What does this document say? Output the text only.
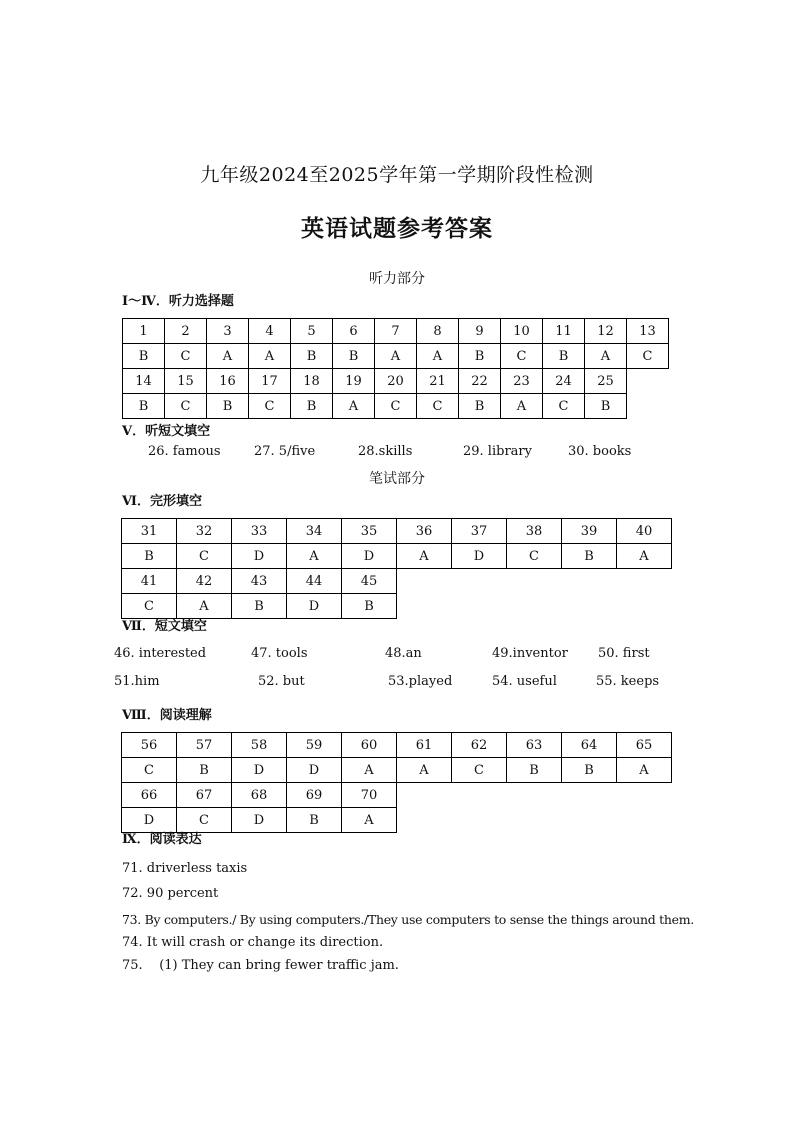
九年级2024至2025学年第一学期阶段性检测
英语试题参考答案
听力部分
Ⅰ～Ⅳ．听力选择题
1	2	3	4	5	6	7	8	9	10	11	12	13
B	C	A	A	B	B	A	A	B	C	B	A	C
14	15	16	17	18	19	20	21	22	23	24	25	
B	C	B	C	B	A	C	C	B	A	C	B	
Ⅴ．听短文填空
26. famous	27. 5/five	28.skills	29. library	30. books
笔试部分
Ⅵ．完形填空
31	32	33	34	35	36	37	38	39	40
B	C	D	A	D	A	D	C	B	A
41	42	43	44	45					
C	A	B	D	B					
Ⅶ．短文填空
46. interested	47. tools	48.an	49.inventor 50. first
51.him	52. but	53.played	54. useful	55. keeps
Ⅷ．阅读理解
56	57	58	59	60	61	62	63	64	65
C	B	D	D	A	A	C	B	B	A
66	67	68	69	70					
D	C	D	B	A					
Ⅸ．阅读表达
71. driverless taxis
72. 90 percent
73. By computers./ By using computers./They use computers to sense the things around them.
74. It will crash or change its direction.
75.    (1) They can bring fewer traffic jam.
